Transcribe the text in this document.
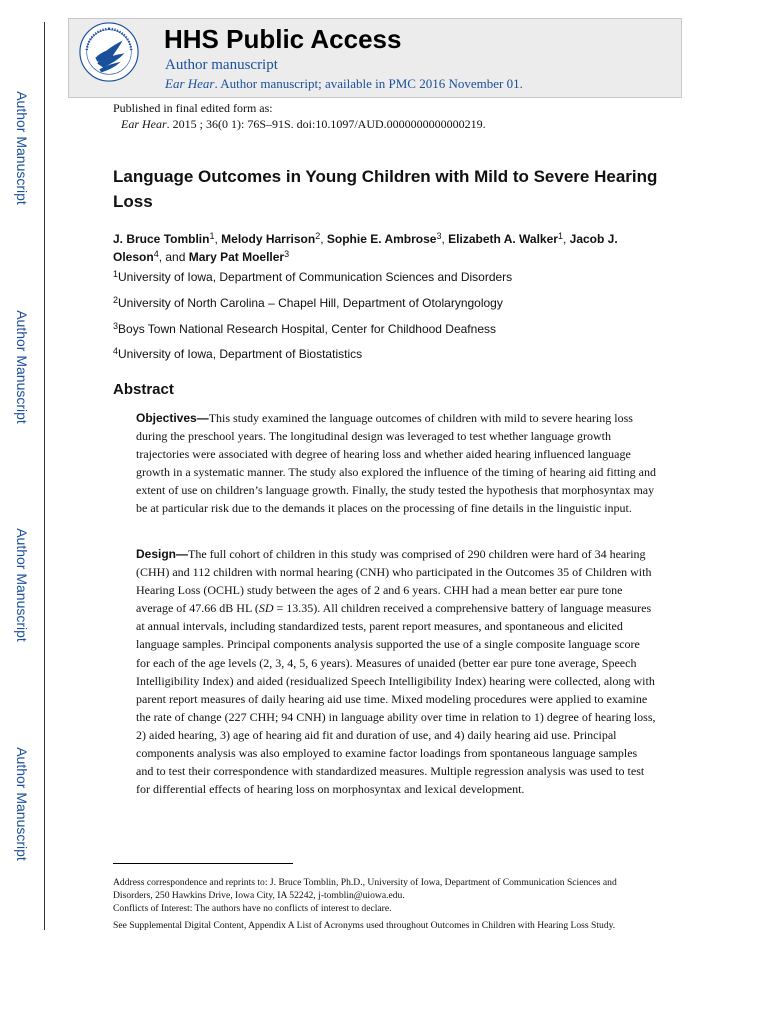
Author Manuscript
Author Manuscript
Author Manuscript
Author Manuscript
HHS Public Access
Author manuscript
Ear Hear. Author manuscript; available in PMC 2016 November 01.
Published in final edited form as:
Ear Hear. 2015 ; 36(0 1): 76S–91S. doi:10.1097/AUD.0000000000000219.
Language Outcomes in Young Children with Mild to Severe Hearing Loss
J. Bruce Tomblin$^1$, Melody Harrison$^2$, Sophie E. Ambrose$^3$, Elizabeth A. Walker$^1$, Jacob J. Oleson$^4$, and Mary Pat Moeller$^3$
$^1$University of Iowa, Department of Communication Sciences and Disorders
$^2$University of North Carolina – Chapel Hill, Department of Otolaryngology
$^3$Boys Town National Research Hospital, Center for Childhood Deafness
$^4$University of Iowa, Department of Biostatistics
Abstract
Objectives—This study examined the language outcomes of children with mild to severe hearing loss during the preschool years. The longitudinal design was leveraged to test whether language growth trajectories were associated with degree of hearing loss and whether aided hearing influenced language growth in a systematic manner. The study also explored the influence of the timing of hearing aid fitting and extent of use on children’s language growth. Finally, the study tested the hypothesis that morphosyntax may be at particular risk due to the demands it places on the processing of fine details in the linguistic input.
Design—The full cohort of children in this study was comprised of 290 children were hard of 34 hearing (CHH) and 112 children with normal hearing (CNH) who participated in the Outcomes 35 of Children with Hearing Loss (OCHL) study between the ages of 2 and 6 years. CHH had a mean better ear pure tone average of 47.66 dB HL (SD = 13.35). All children received a comprehensive battery of language measures at annual intervals, including standardized tests, parent report measures, and spontaneous and elicited language samples. Principal components analysis supported the use of a single composite language score for each of the age levels (2, 3, 4, 5, 6 years). Measures of unaided (better ear pure tone average, Speech Intelligibility Index) and aided (residualized Speech Intelligibility Index) hearing were collected, along with parent report measures of daily hearing aid use time. Mixed modeling procedures were applied to examine the rate of change (227 CHH; 94 CNH) in language ability over time in relation to 1) degree of hearing loss, 2) aided hearing, 3) age of hearing aid fit and duration of use, and 4) daily hearing aid use. Principal components analysis was also employed to examine factor loadings from spontaneous language samples and to test their correspondence with standardized measures. Multiple regression analysis was used to test for differential effects of hearing loss on morphosyntax and lexical development.
Address correspondence and reprints to: J. Bruce Tomblin, Ph.D., University of Iowa, Department of Communication Sciences and Disorders, 250 Hawkins Drive, Iowa City, IA 52242, j-tomblin@uiowa.edu.
Conflicts of Interest: The authors have no conflicts of interest to declare.
See Supplemental Digital Content, Appendix A List of Acronyms used throughout Outcomes in Children with Hearing Loss Study.
